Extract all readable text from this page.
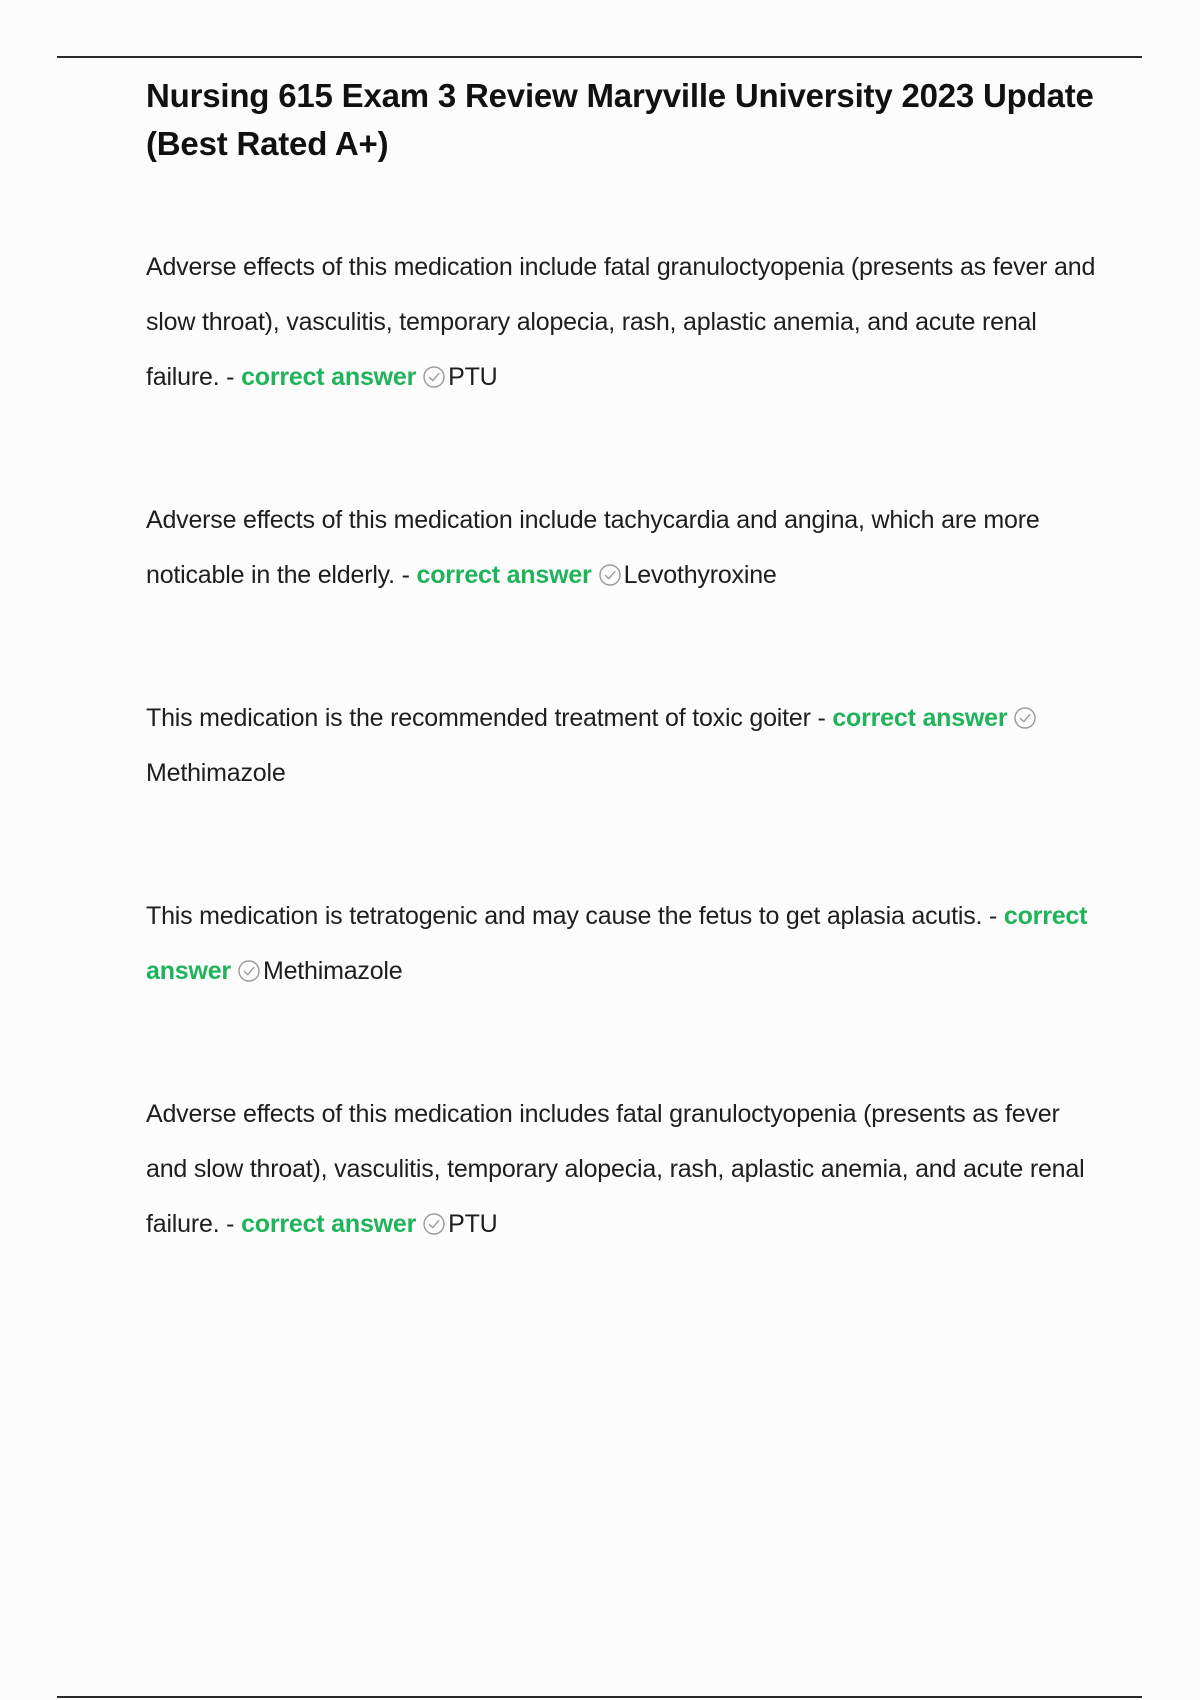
Nursing 615 Exam 3 Review Maryville University 2023 Update (Best Rated A+)

Adverse effects of this medication include fatal granuloctyopenia (presents as fever and slow throat), vasculitis, temporary alopecia, rash, aplastic anemia, and acute renal failure. - correct answer PTU

Adverse effects of this medication include tachycardia and angina, which are more noticable in the elderly. - correct answer Levothyroxine

This medication is the recommended treatment of toxic goiter - correct answerMethimazole

This medication is tetratogenic and may cause the fetus to get aplasia acutis. - correct answer Methimazole

Adverse effects of this medication includes fatal granuloctyopenia (presents as fever and slow throat), vasculitis, temporary alopecia, rash, aplastic anemia, and acute renal failure. - correct answer PTU
